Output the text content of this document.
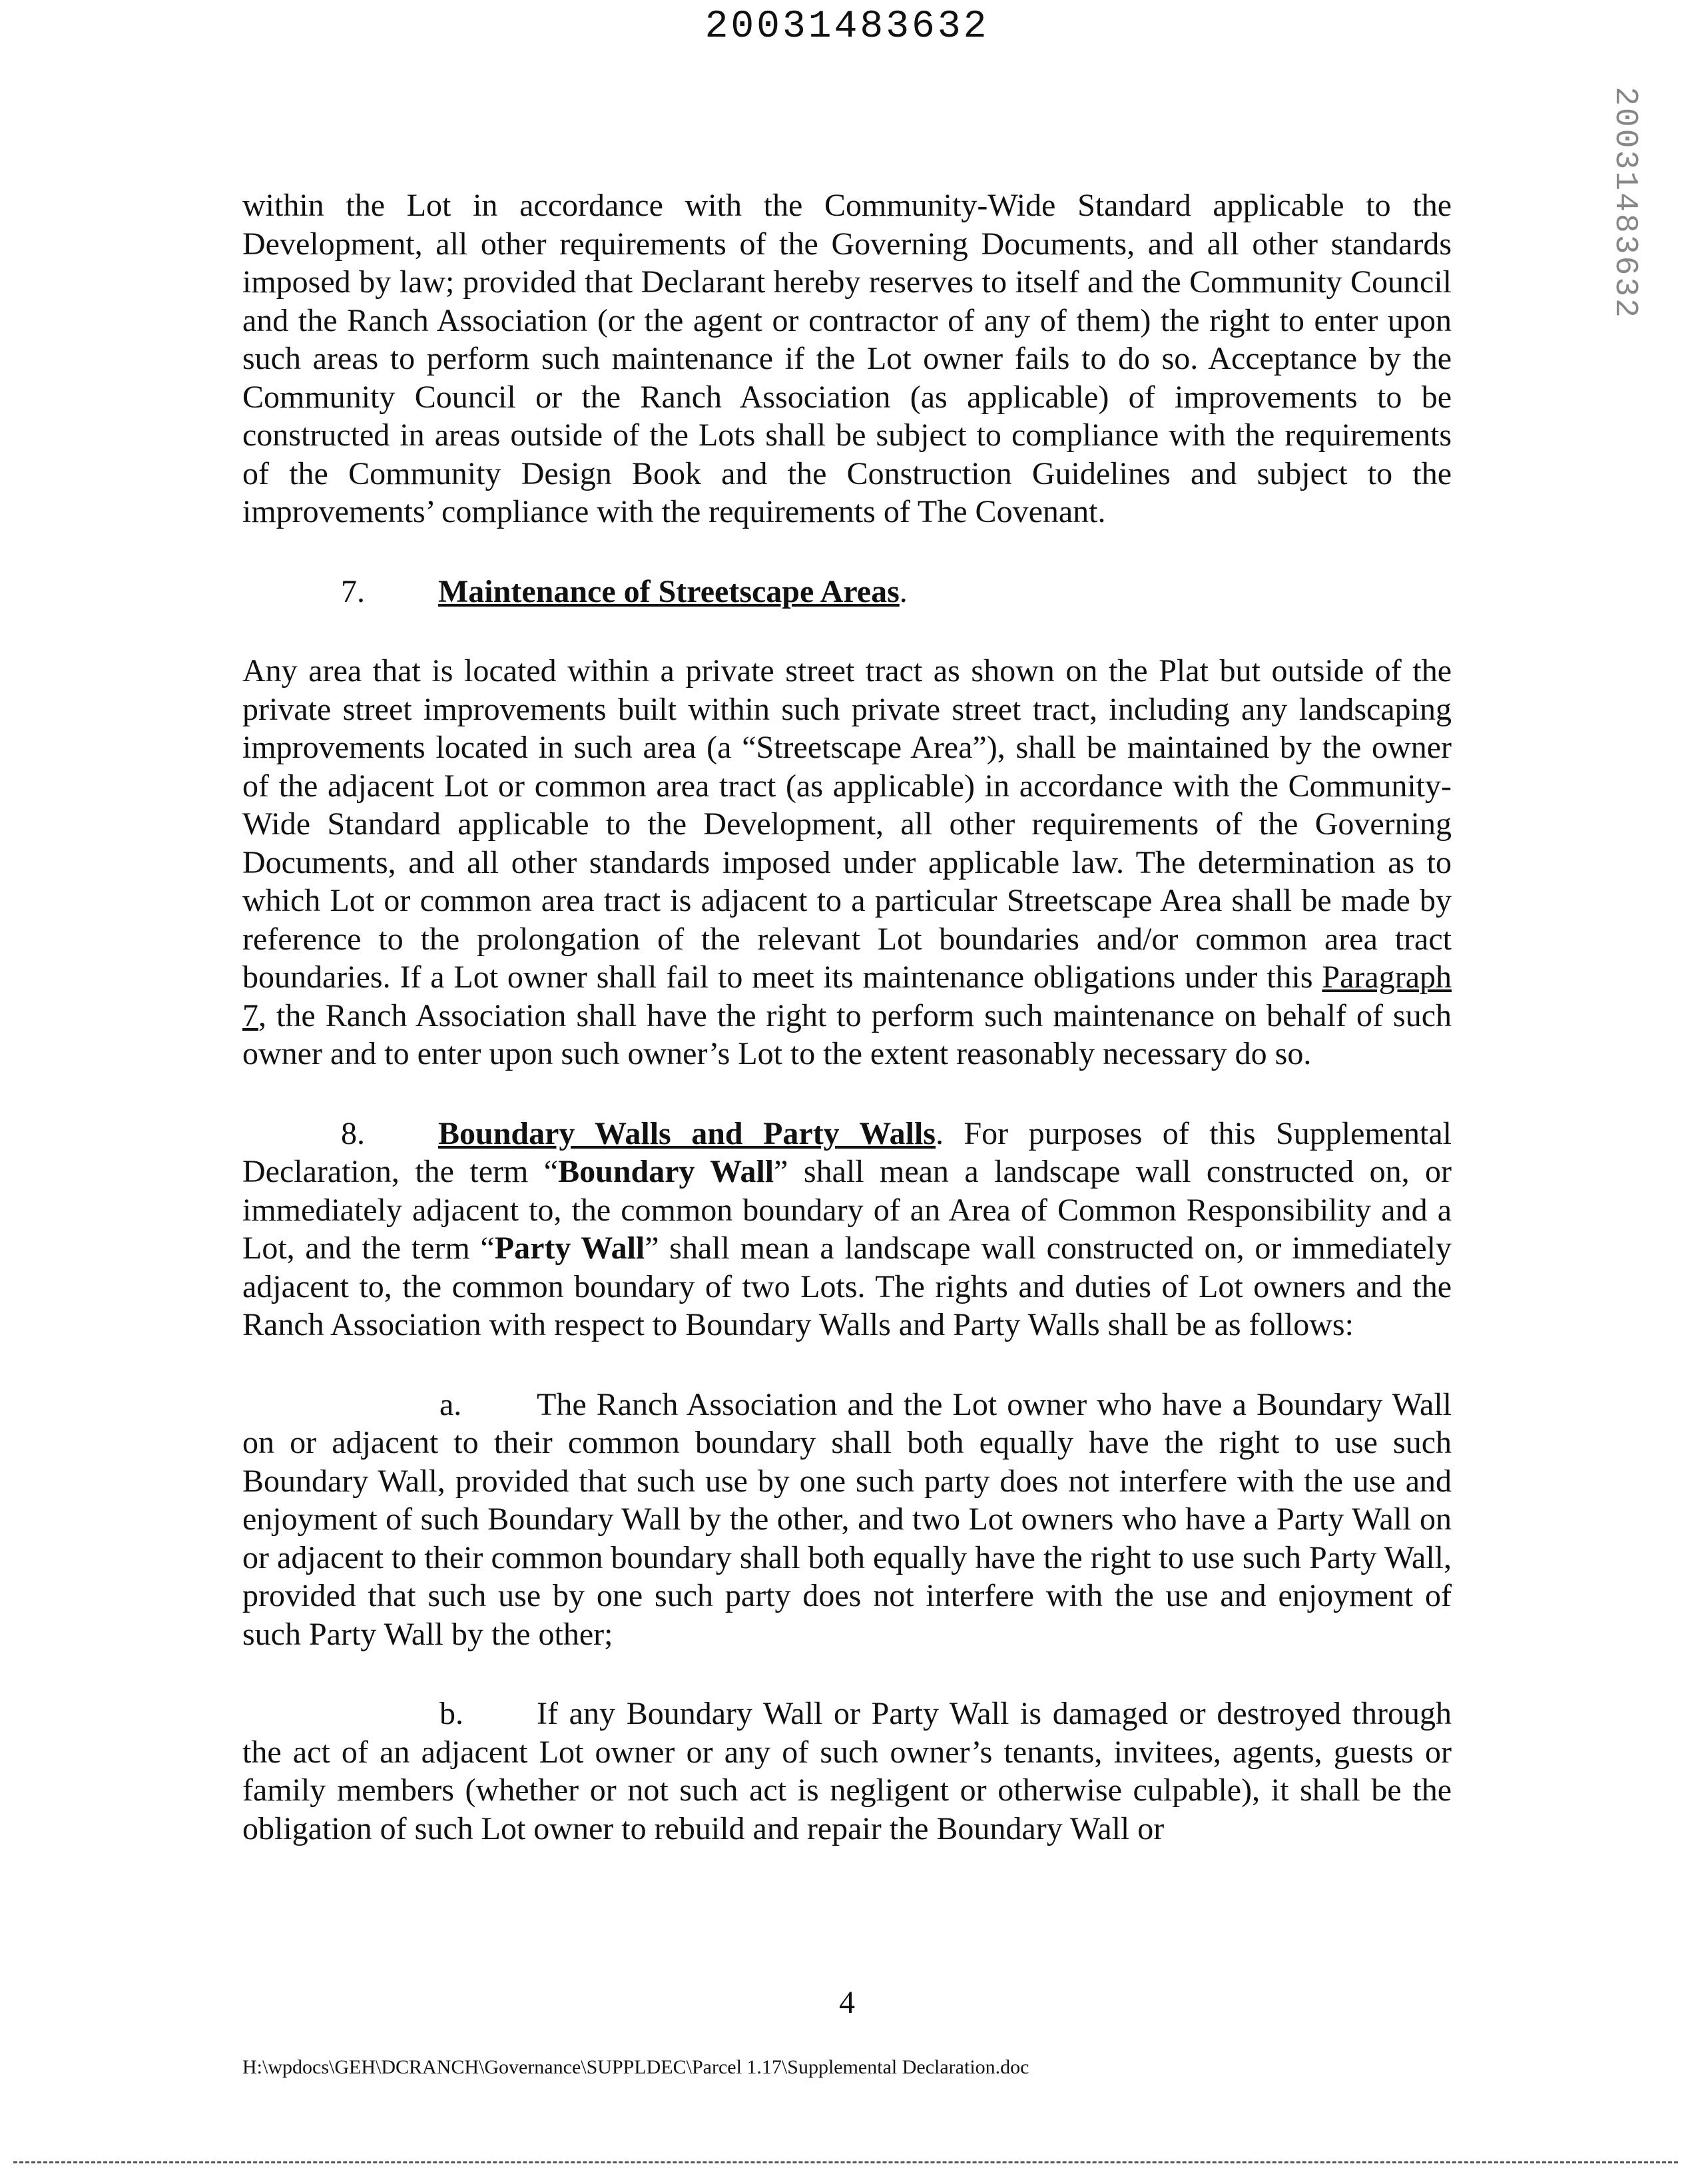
20031483632
20031483632

within the Lot in accordance with the Community-Wide Standard applicable to the Development, all other requirements of the Governing Documents, and all other standards imposed by law; provided that Declarant hereby reserves to itself and the Community Council and the Ranch Association (or the agent or contractor of any of them) the right to enter upon such areas to perform such maintenance if the Lot owner fails to do so. Acceptance by the Community Council or the Ranch Association (as applicable) of improvements to be constructed in areas outside of the Lots shall be subject to compliance with the requirements of the Community Design Book and the Construction Guidelines and subject to the improvements’ compliance with the requirements of The Covenant.

7. Maintenance of Streetscape Areas.

Any area that is located within a private street tract as shown on the Plat but outside of the private street improvements built within such private street tract, including any landscaping improvements located in such area (a “Streetscape Area”), shall be maintained by the owner of the adjacent Lot or common area tract (as applicable) in accordance with the Community-Wide Standard applicable to the Development, all other requirements of the Governing Documents, and all other standards imposed under applicable law. The determination as to which Lot or common area tract is adjacent to a particular Streetscape Area shall be made by reference to the prolongation of the relevant Lot boundaries and/or common area tract boundaries. If a Lot owner shall fail to meet its maintenance obligations under this Paragraph 7, the Ranch Association shall have the right to perform such maintenance on behalf of such owner and to enter upon such owner’s Lot to the extent reasonably necessary do so.

8. Boundary Walls and Party Walls. For purposes of this Supplemental Declaration, the term “Boundary Wall” shall mean a landscape wall constructed on, or immediately adjacent to, the common boundary of an Area of Common Responsibility and a Lot, and the term “Party Wall” shall mean a landscape wall constructed on, or immediately adjacent to, the common boundary of two Lots. The rights and duties of Lot owners and the Ranch Association with respect to Boundary Walls and Party Walls shall be as follows:

a. The Ranch Association and the Lot owner who have a Boundary Wall on or adjacent to their common boundary shall both equally have the right to use such Boundary Wall, provided that such use by one such party does not interfere with the use and enjoyment of such Boundary Wall by the other, and two Lot owners who have a Party Wall on or adjacent to their common boundary shall both equally have the right to use such Party Wall, provided that such use by one such party does not interfere with the use and enjoyment of such Party Wall by the other;

b. If any Boundary Wall or Party Wall is damaged or destroyed through the act of an adjacent Lot owner or any of such owner’s tenants, invitees, agents, guests or family members (whether or not such act is negligent or otherwise culpable), it shall be the obligation of such Lot owner to rebuild and repair the Boundary Wall or

4
H:\wpdocs\GEH\DCRANCH\Governance\SUPPLDEC\Parcel 1.17\Supplemental Declaration.doc
